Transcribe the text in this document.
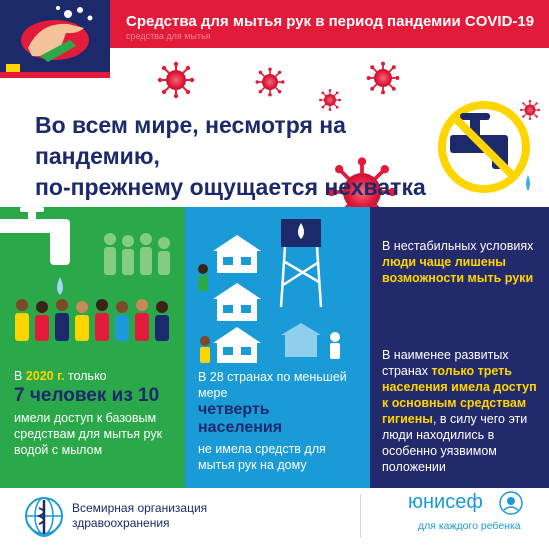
Средства для мытья рук в период пандемии COVID-19
средства для мытья
Во всем мире, несмотря на пандемию,
по-прежнему ощущается нехватка
В 2020 г. только
7 человек из 10
имели доступ к базовым средствам для мытья рук водой с мылом
В 28 странах по меньшей мере
четверть населения
не имела средств для мытья рук на дому
В нестабильных условиях люди чаще лишены возможности мыть руки
В наименее развитых странах только треть населения имела доступ к основным средствам гигиены, в силу чего эти люди находились в особенно уязвимом положении
Всемирная организация здравоохранения
юнисеф
для каждого ребенка
